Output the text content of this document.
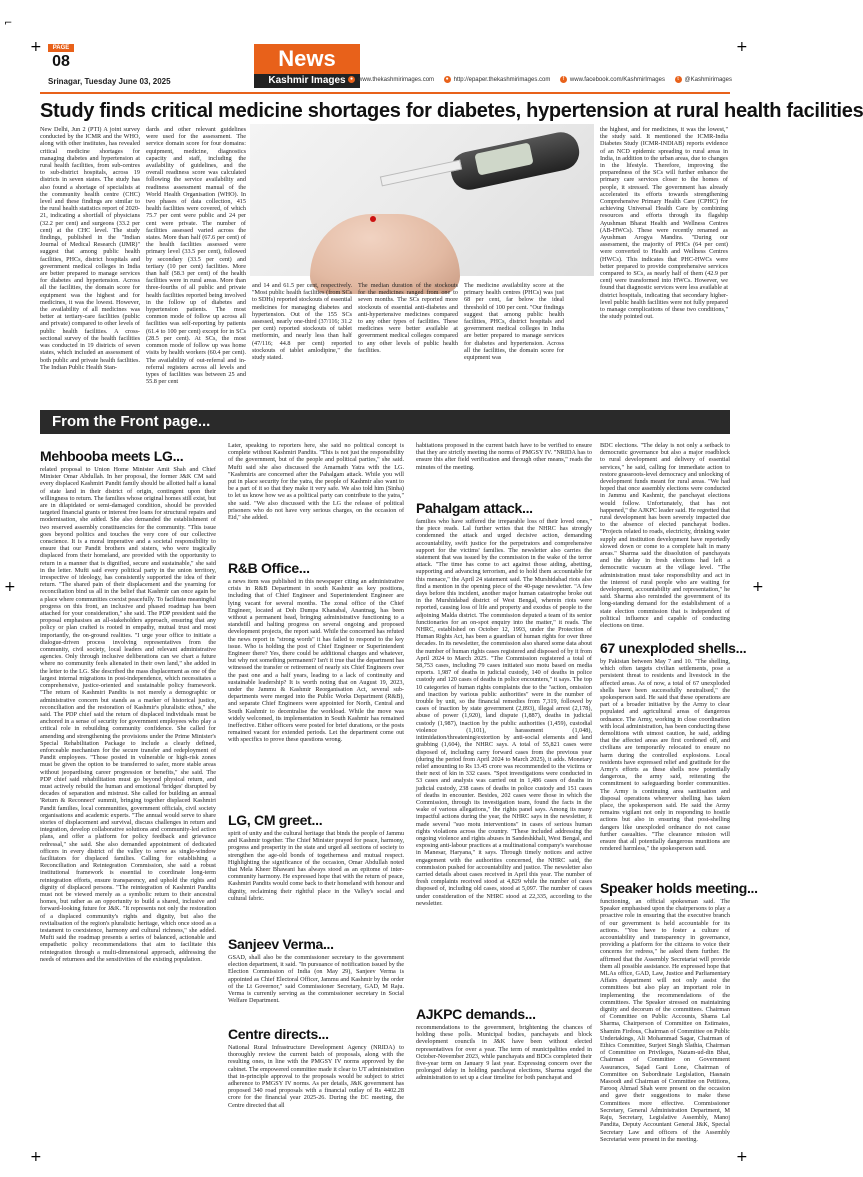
⌐
+	+
+	+
+	+
PAGE
08
Srinagar, Tuesday June 03, 2025
News
Kashmir Images ● www.thekashmirimages.com	● http://epaper.thekashmirimages.com	f www.facebook.com/KashmirImages	t @Kashmirimages
Study finds critical medicine shortages for diabetes, hypertension at rural health facilities
New Delhi, Jun 2 (PTI) A joint survey conducted by the ICMR and the WHO, along with other institutes, has revealed critical medicine shortages for managing diabetes and hypertension at rural health facilities, from sub-centres to sub-district hospitals, across 19 districts in seven states. The study has also found a shortage of specialists at the community health centre (CHC) level and these findings are similar to the rural health statistics report of 2020-21, indicating a shortfall of physicians (32.2 per cent) and surgeons (33.2 per cent) at the CHC level. The study findings, published in the "Indian Journal of Medical Research (IJMR)" suggest that among public health facilities, PHCs, district hospitals and government medical colleges in India are better prepared to manage services for diabetes and hypertension. Across all the facilities, the domain score for equipment was the highest and for medicines, it was the lowest. However, the availability of all medicines was better at tertiary-care facilities (public and private) compared to other levels of public health facilities. A cross-sectional survey of the health facilities was conducted in 19 districts of seven states, which included an assessment of both public and private health facilities. The Indian Public Health Stan-
dards and other relevant guidelines were used for the assessment. The service domain score for four domains: equipment, medicine, diagnostics capacity and staff, including the availability of guidelines, and the overall readiness score was calculated following the service availability and readiness assessment manual of the World Health Organisation (WHO). In two phases of data collection, 415 health facilities were covered, of which 75.7 per cent were public and 24 per cent were private. The number of facilities assessed varied across the states. More than half (67.6 per cent) of the health facilities assessed were primary level (33.5 per cent), followed by secondary (33.5 per cent) and tertiary (10 per cent) facilities. More than half (58.3 per cent) of the health facilities were in rural areas. More than three-fourths of all public and private health facilities reported being involved in the follow up of diabetes and hypertension patients. The most common mode of follow up across all facilities was self-reporting by patients (61.4 to 100 per cent) except for in SCs (28.5 per cent). At SCs, the most common mode of follow up was home visits by health workers (60.4 per cent). The availability of out-referral and in-referral registers across all levels and types of facilities was between 25 and 55.8 per cent
and 14 and 61.5 per cent, respectively. "Most public health facilities (from SCs to SDHs) reported stockouts of essential medicines for managing diabetes and hypertension. Out of the 155 SCs assessed, nearly one-third (37/116; 31.2 per cent) reported stockouts of tablet metformin, and nearly less than half (47/116; 44.8 per cent) reported stockouts of tablet amlodipine," the study stated.
The median duration of the stockouts for the medicines ranged from one to seven months. The SCs reported more stockouts of essential anti-diabetes and anti-hypertensive medicines compared to any other types of facilities. These medicines were better available at government medical colleges compared to any other levels of public health facilities.
The medicine availability score at the primary health centres (PHCs) was just 68 per cent, far below the ideal threshold of 100 per cent. "Our findings suggest that among public health facilities, PHCs, district hospitals and government medical colleges in India are better prepared to manage services for diabetes and hypertension. Across all the facilities, the domain score for equipment was
the highest, and for medicines, it was the lowest," the study said. It mentioned the ICMR-India Diabetes Study (ICMR-INDIAB) reports evidence of an NCD epidemic spreading to rural areas in India, in addition to the urban areas, due to changes in the lifestyle. Therefore, improving the preparedness of the SCs will further enhance the primary care services closer to the homes of people, it stressed. The government has already accelerated its efforts towards strengthening Comprehensive Primary Health Care (CPHC) for achieving Universal Health Care by combining resources and efforts through its flagship Ayushman Bharat Health and Wellness Centres (AB-HWCs). These were recently renamed as Ayushman Arogya Mandira. "During our assessment, the majority of PHCs (64 per cent) were converted to Health and Wellness Centres (HWCs). This indicates that PHC-HWCs were better prepared to provide comprehensive services compared to SCs, as nearly half of them (42.9 per cent) were transformed into HWCs. However, we found that diagnostic services were less available at district hospitals, indicating that secondary higher-level public health facilities were not fully prepared to manage complications of these two conditions," the study pointed out.
From the Front page...
Mehbooba meets LG...
related proposal to Union Home Minister Amit Shah and Chief Minister Omar Abdullah. In her proposal, the former J&K CM said every displaced Kashmiri Pandit family should be allotted half a kanal of state land in their district of origin, contingent upon their willingness to return. The families whose original homes still exist, but are in dilapidated or semi-damaged condition, should be provided targeted financial grants or interest free loans for structural repairs and modernisation, she added. She also demanded the establishment of two reserved assembly constituencies for the community. "This issue goes beyond politics and touches the very core of our collective conscience. It is a moral imperative and a societal responsibility to ensure that our Pandit brothers and sisters, who were tragically displaced from their homeland, are provided with the opportunity to return in a manner that is dignified, secure and sustainable," she said in the letter. Mufti said every political party in the union territory, irrespective of ideology, has consistently supported the idea of their return. "The shared pain of their displacement and the yearning for reconciliation bind us all in the belief that Kashmir can once again be a place where communities coexist peacefully. To facilitate meaningful progress on this front, an inclusive and phased roadmap has been attached for your consideration," she said. The PDP president said the proposal emphasises an all-stakeholders approach, ensuring that any policy or plan crafted is rooted in empathy, mutual trust and most importantly, the on-ground realities. "I urge your office to initiate a dialogue-driven process involving representatives from the community, civil society, local leaders and relevant administrative agencies. Only through inclusive deliberations can we chart a future where no community feels alienated in their own land," she added in the letter to the LG. She described the mass displacement as one of the largest internal migrations in post-independence, which necessitates a comprehensive, justice-oriented and sustainable policy framework. "The return of Kashmiri Pandits is not merely a demographic or administrative concern but stands as a marker of historical justice, reconciliation and the restoration of Kashmir's pluralistic ethos," she said. The PDP chief said the return of displaced individuals must be anchored in a sense of security for government employees who play a critical role in rebuilding community confidence. She called for amending and strengthening the provisions under the Prime Minister's Special Rehabilitation Package to include a clearly defined, enforceable mechanism for the secure transfer and redeployment of Pandit employees. "Those posted in vulnerable or high-risk zones must be given the option to be transferred to safer, more stable areas without jeopardising career progression or benefits," she said. The PDP chief said rehabilitation must go beyond physical return, and must actively rebuild the human and emotional 'bridges' disrupted by decades of separation and mistrust. She called for building an annual 'Return & Reconnect' summit, bringing together displaced Kashmiri Pandit families, local communities, government officials, civil society organisations and academic experts. "The annual would serve to share stories of displacement and survival, discuss challenges in return and integration, develop collaborative solutions and community-led action plans, and offer a platform for policy feedback and grievance redressal," she said. She also demanded appointment of dedicated officers in every district of the valley to serve as single-window facilitators for displaced families. Calling for establishing a Reconciliation and Reintegration Commission, she said a robust institutional framework is essential to coordinate long-term reintegration efforts, ensure transparency, and uphold the rights and dignity of displaced persons. "The reintegration of Kashmiri Pandits must not be viewed merely as a symbolic return to their ancestral homes, but rather as an opportunity to build a shared, inclusive and forward-looking future for J&K. "It represents not only the restoration of a displaced community's rights and dignity, but also the revitalisation of the region's pluralistic heritage, which once stood as a testament to coexistence, harmony and cultural richness," she added. Mufti said the roadmap presents a series of balanced, actionable and empathetic policy recommendations that aim to facilitate this reintegration through a multi-dimensional approach, addressing the needs of returnees and the sensitivities of the existing population.
Later, speaking to reporters here, she said no political concept is complete without Kashmiri Pandits. "This is not just the responsibility of the government, but of the people and political parties," she said. Mufti said she also discussed the Amarnath Yatra with the LG. "Kashmiris are concerned after the Pahalgam attack. While you will put in place security for the yatra, the people of Kashmir also want to be a part of it so that they make it very safe. We also told him (Sinha) to let us know how we as a political party can contribute to the yatra," she said. "We also discussed with the LG the release of political prisoners who do not have very serious charges, on the occasion of Eid," she added.
R&B Office...
a news item was published in this newspaper citing an administrative crisis in R&B Department in south Kashmir as key positions, including that of Chief Engineer and Superintendent Engineer are lying vacant for several months. The zonal office of the Chief Engineer, located at Doh Dumpa Khanabal, Anantnag, has been without a permanent head, bringing administrative functioning to a standstill and halting progress on several ongoing and proposed development projects, the report said. While the concerned has refuted the news report in "strong words" it has failed to respond to the key issue. Who is holding the post of Chief Engineer or Superintendent Engineer there? Yes, there could be additional charges and whatever, but why not something permanent? Isn't it true that the department has witnessed the transfer or retirement of nearly six Chief Engineers over the past one and a half years, leading to a lack of continuity and sustainable leadership? It is worth noting that on August 19, 2023, under the Jammu & Kashmir Reorganisation Act, several sub-departments were merged into the Public Works Department (R&B), and separate Chief Engineers were appointed for North, Central and South Kashmir to decentralise the workload. While the move was widely welcomed, its implementation in South Kashmir has remained ineffective. Either officers were posted for brief durations, or the posts remained vacant for extended periods. Let the department come out with specifics to prove these questions wrong.
LG, CM greet...
spirit of unity and the cultural heritage that binds the people of Jammu and Kashmir together. The Chief Minister prayed for peace, harmony, progress and prosperity in the state and urged all sections of society to strengthen the age-old bonds of togetherness and mutual respect. Highlighting the significance of the occasion, Omar Abdullah noted that Mela Kheer Bhawani has always stood as an epitome of inter-community harmony. He expressed hope that with the return of peace, Kashmiri Pandits would come back to their homeland with honour and dignity, reclaiming their rightful place in the Valley's social and cultural fabric.
Sanjeev Verma...
GSAD, shall also be the commissioner secretary to the government election department, it said. "In pursuance of notification issued by the Election Commission of India (on May 29), Sanjeev Verma is appointed as Chief Electoral Officer, Jammu and Kashmir by the order of the Lt Governor," said Commissioner Secretary, GAD, M Raju. Verma is currently serving as the commissioner secretary in Social Welfare Department.
Centre directs...
National Rural Infrastructure Development Agency (NRIDA) to thoroughly review the current batch of proposals, along with the resulting ones, in line with the PMGSY IV norms approved by the cabinet. The empowered committee made it clear to UT administration that in-principle approval to the proposals would be subject to strict adherence to PMGSY IV norms. As per details, J&K government has proposed 340 road proposals with a financial outlay of Rs 4402.28 crore for the financial year 2025-26. During the EC meeting, the Centre directed that all
habitations proposed in the current batch have to be verified to ensure that they are strictly meeting the norms of PMGSY IV. "NRIDA has to ensure this after field verification and through other means," reads the minutes of the meeting.
Pahalgam attack...
families who have suffered the irreparable loss of their loved ones," the piece reads. Lal further writes that the NHRC has strongly condemned the attack and urged decisive action, demanding accountability, swift justice for the perpetrators and comprehensive support for the victims' families. The newsletter also carries the statement that was issued by the commission in the wake of the terror attack. "The time has come to act against those aiding, abetting, supporting and advancing terrorism, and to hold them accountable for this menace," the April 24 statement said. The Murshidabad riots also find a mention in the opening piece of the 40-page newsletter. "A few days before this incident, another major human catastrophe broke out in the Murshidabad district of West Bengal, wherein riots were reported, causing loss of life and property and exodus of people to the adjoining Malda district. The commission deputed a team of its senior functionaries for an on-spot enquiry into the matter," it reads. The NHRC, established on October 12, 1993, under the Protection of Human Rights Act, has been a guardian of human rights for over three decades. In its newsletter, the commission also shared some data about the number of human rights cases registered and disposed of by it from April 2024 to March 2025. "The Commission registered a total of 58,753 cases, including 79 cases initiated suo motu based on media reports. 1,987 of deaths in judicial custody, 140 of deaths in police custody and 120 cases of deaths in police encounters," it says. The top 10 categories of human rights complaints due to the "action, omission and inaction by various public authorities" were in the number of trouble by unit, so the financial remedies from 7,319, followed by cases of inaction by state government (2,893), illegal arrest (2,178), abuse of power (1,920), land dispute (1,887), deaths in judicial custody (1,987), inaction by the public authorities (1,459), custodial violence (1,101), harassment (1,048), intimidation/threatening/extortion by anti-social elements and land grabbing (1,604), the NHRC says. A total of 55,821 cases were disposed of, including carry forward cases from the previous year (during the period from April 2024 to March 2025), it adds. Monetary relief amounting to Rs 13.45 crore was recommended to the victims or their next of kin in 332 cases. "Spot investigations were conducted in 53 cases and analysis was carried out in 1,486 cases of deaths in judicial custody, 238 cases of deaths in police custody and 151 cases of deaths in encounter. Besides, 202 cases were those in which the Commission, through its investigation team, found the facts in the wake of various allegations," the rights panel says. Among its many impactful actions during the year, the NHRC says in the newsletter, it made several "suo motu interventions" in cases of serious human rights violations across the country. "These included addressing the ongoing violence and rights abuses in Sandeshkhali, West Bengal, and exposing anti-labour practices at a multinational company's warehouse in Manesar, Haryana," it says. Through timely notices and active engagement with the authorities concerned, the NHRC said, the commission pushed for accountability and justice. The newsletter also carried details about cases received in April this year. The number of fresh complaints received stood at 4,829 while the number of cases disposed of, including old cases, stood at 5,097. The number of cases under consideration of the NHRC stood at 22,335, according to the newsletter.
AJKPC demands...
recommendations to the government, brightening the chances of holding these polls. Municipal bodies, panchayats and block development councils in J&K have been without elected representatives for over a year. The term of municipalities ended in October-November 2023, while panchayats and BDCs completed their five-year term on January 9 last year. Expressing concern over the prolonged delay in holding panchayat elections, Sharma urged the administration to set up a clear timeline for both panchayat and
BDC elections. "The delay is not only a setback to democratic governance but also a major roadblock to rural development and delivery of essential services," he said, calling for immediate action to restore grassroots-level democracy and unlocking of development funds meant for rural areas. "We had hoped that once assembly elections were conducted in Jammu and Kashmir, the panchayat elections would follow. Unfortunately, that has not happened," the AJKPC leader said. He regretted that rural development has been severely impacted due to the absence of elected panchayat bodies. "Projects related to roads, electricity, drinking water supply and institution development have reportedly slowed down or come to a complete halt in many areas." Sharma said the dissolution of panchayats and the delay in fresh elections had left a democratic vacuum at the village level. "The administration must take responsibility and act in the interest of rural people who are waiting for development, accountability and representation," he said. Sharma also reminded the government of its long-standing demand for the establishment of a state election commission that is independent of political influence and capable of conducting elections on time.
67 unexploded shells...
by Pakistan between May 7 and 10. "The shelling, which often targets civilian settlements, pose a persistent threat to residents and livestock in the affected areas. As of now, a total of 67 unexploded shells have been successfully neutralised," the spokesperson said. He said that these operations are part of a broader initiative by the Army to clear populated and agricultural areas of dangerous ordnance. The Army, working in close coordination with local administration, has been conducting these demolitions with utmost caution, he said, adding that the affected areas are first cordoned off, and civilians are temporarily relocated to ensure no harm during the controlled explosions. Local residents have expressed relief and gratitude for the Army's efforts as these shells now potentially dangerous, the army said, reiterating the commitment to safeguarding border communities. The Army is continuing area sanitisation and disposal operations wherever shelling has taken place, the spokesperson said. He said the Army remains vigilant not only in responding to hostile actions but also in ensuring that post-shelling dangers like unexploded ordnance do not cause further casualties. "The clearance mission will ensure that all potentially dangerous munitions are rendered harmless," the spokesperson said.
Speaker holds meeting...
functioning, an official spokesman said. The Speaker emphasised upon the chairpersons to play a proactive role in ensuring that the executive branch of our government is held accountable for its actions. "You have to foster a culture of accountability and transparency in governance, providing a platform for the citizens to voice their concerns for redress," he asked them further. He affirmed that the Assembly Secretariat will provide them all possible assistance. He expressed hope that MLAs office, GAD, Law, Justice and Parliamentary Affairs department will not only assist the committees but also play an important role in implementing the recommendations of the committees. The Speaker stressed on maintaining dignity and decorum of the committees. Chairman of Committee on Public Accounts, Shams Lal Sharma, Chairperson of Committee on Estimates, Shamim Firdous, Chairman of Committee on Public Undertakings, Ali Mohammad Sagar, Chairman of Ethics Committee, Surjeet Singh Slathia, Chairman of Committee on Privileges, Nazam-ud-din Bhat, Chairman of Committee on Government Assurances, Sajad Gani Lone, Chairman of Committee on Subordinate Legislation, Hasnain Masoodi and Chairman of Committee on Petitions, Farooq Ahmad Shah were present on the occasion and gave their suggestions to make these Committees more effective. Commissioner Secretary, General Administration Department, M Raju, Secretary, Legislative Assembly, Manoj Pandita, Deputy Accountant General J&K, Special Secretary Law and officers of the Assembly Secretariat were present in the meeting.
